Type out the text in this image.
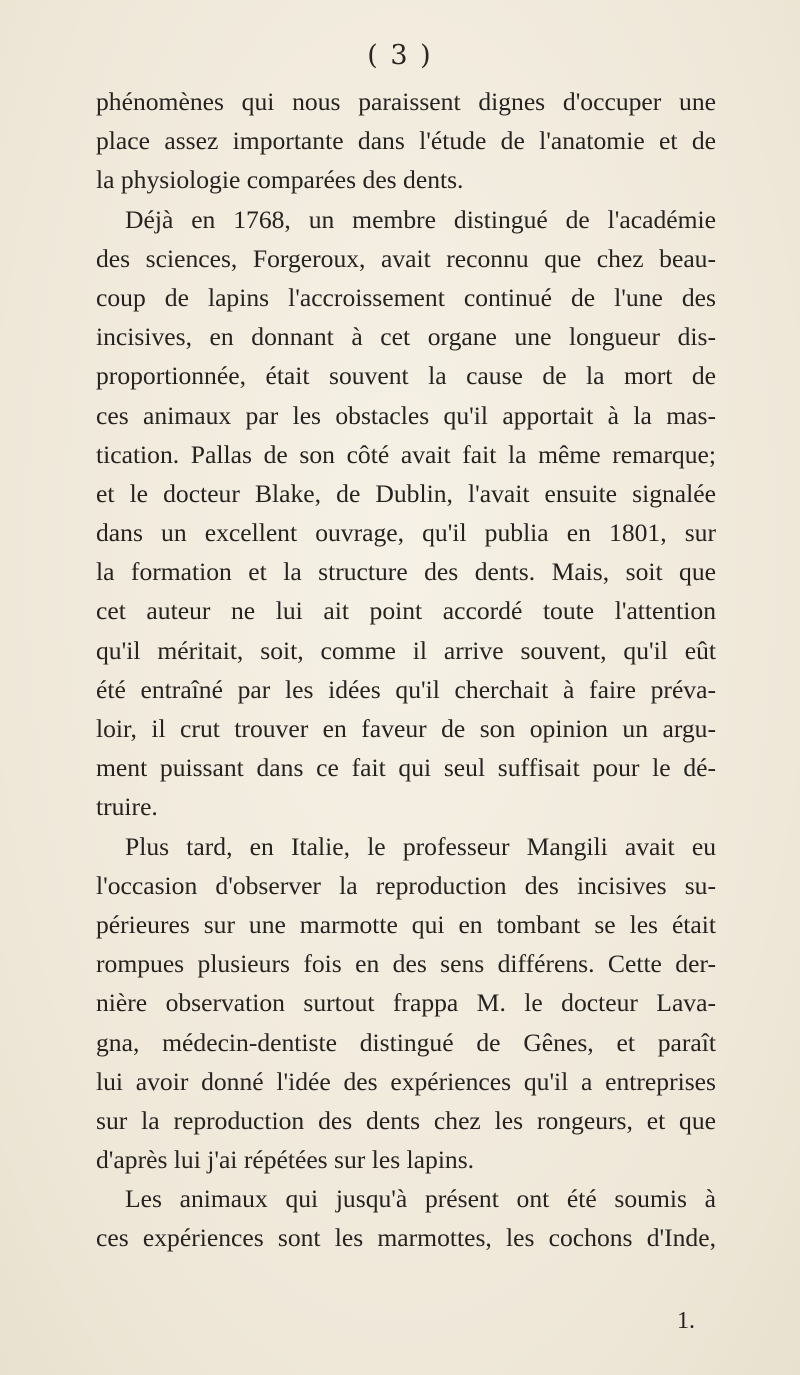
( 3 )
phénomènes qui nous paraissent dignes d'occuper une
place assez importante dans l'étude de l'anatomie et de
la physiologie comparées des dents.
Déjà en 1768, un membre distingué de l'académie
des sciences, Forgeroux, avait reconnu que chez beau-
coup de lapins l'accroissement continué de l'une des
incisives, en donnant à cet organe une longueur dis-
proportionnée, était souvent la cause de la mort de
ces animaux par les obstacles qu'il apportait à la mas-
tication. Pallas de son côté avait fait la même remarque;
et le docteur Blake, de Dublin, l'avait ensuite signalée
dans un excellent ouvrage, qu'il publia en 1801, sur
la formation et la structure des dents. Mais, soit que
cet auteur ne lui ait point accordé toute l'attention
qu'il méritait, soit, comme il arrive souvent, qu'il eût
été entraîné par les idées qu'il cherchait à faire préva-
loir, il crut trouver en faveur de son opinion un argu-
ment puissant dans ce fait qui seul suffisait pour le dé-
truire.
Plus tard, en Italie, le professeur Mangili avait eu
l'occasion d'observer la reproduction des incisives su-
périeures sur une marmotte qui en tombant se les était
rompues plusieurs fois en des sens différens. Cette der-
nière observation surtout frappa M. le docteur Lava-
gna, médecin-dentiste distingué de Gênes, et paraît
lui avoir donné l'idée des expériences qu'il a entreprises
sur la reproduction des dents chez les rongeurs, et que
d'après lui j'ai répétées sur les lapins.
Les animaux qui jusqu'à présent ont été soumis à
ces expériences sont les marmottes, les cochons d'Inde,
1.
